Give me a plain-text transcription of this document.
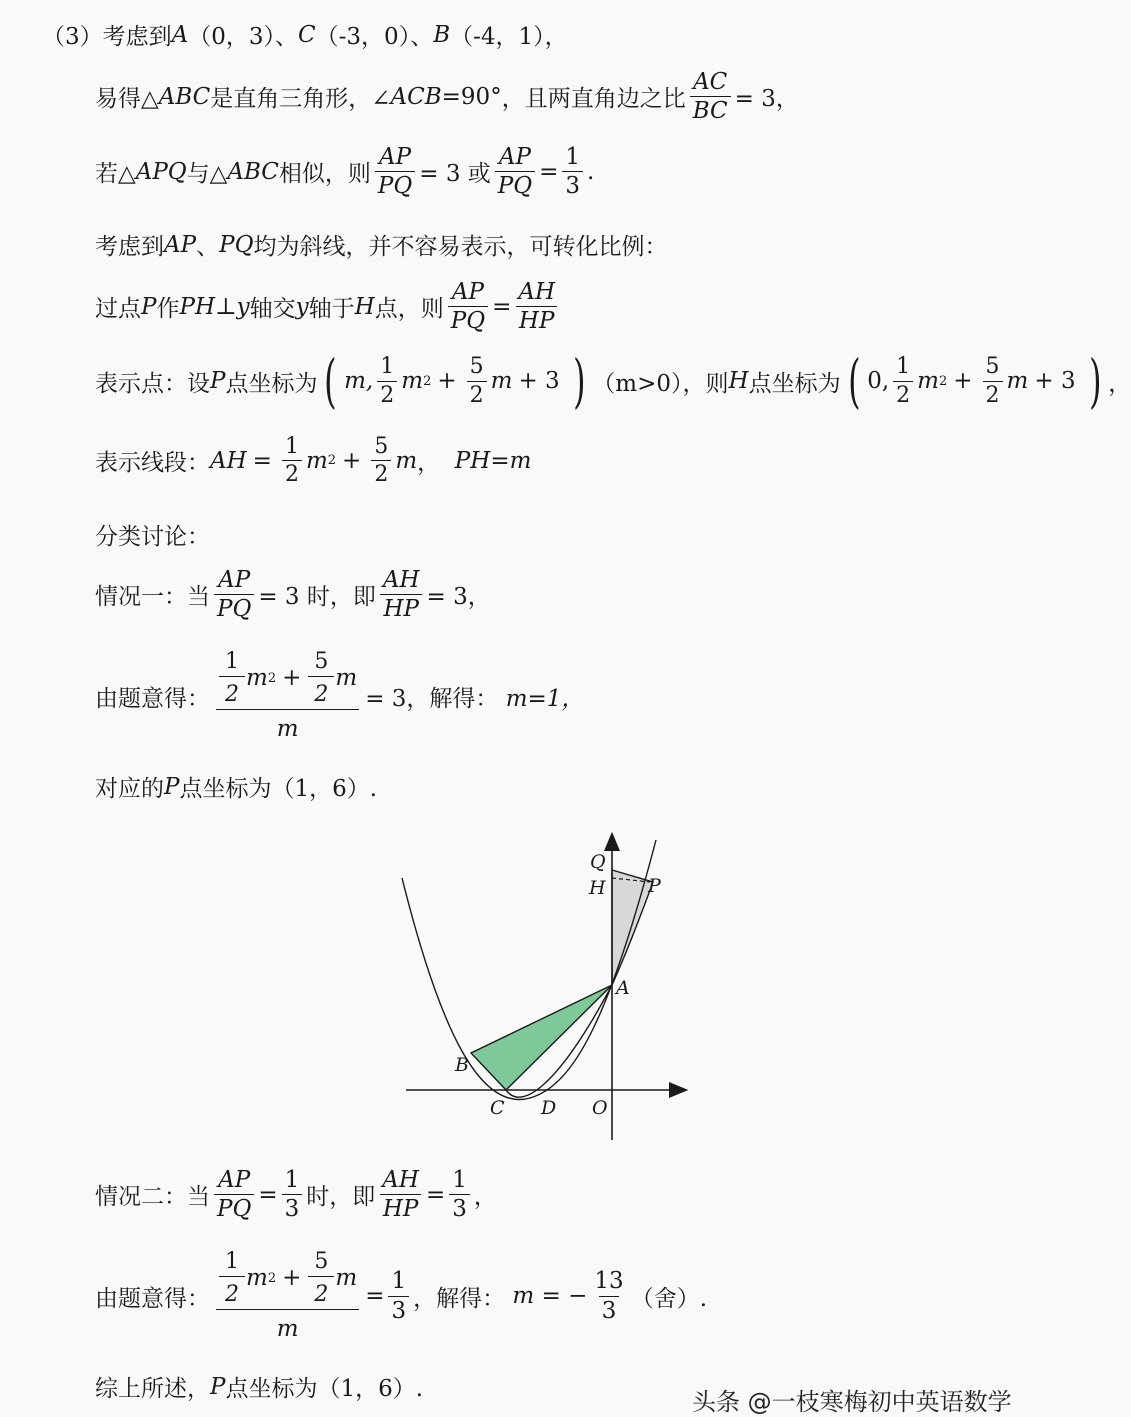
（3）考虑到 A （0，3）、 C （-3，0）、 B （-4，1），
易得△ ABC 是直角三角形，∠ ACB =90° ，且两直角边之比 $\frac{AC}{BC} = 3$，
若△ APQ 与△ ABC 相似，则 $\frac{AP}{PQ} = 3$ 或 $\frac{AP}{PQ} = \frac{1}{3}$ .
考虑到 AP 、 PQ 均为斜线，并不容易表示，可转化比例：
过点 P 作 PH ⊥ y 轴交 y 轴于 H 点，则 $\frac{AP}{PQ} = \frac{AH}{HP}$
表示点：设 P 点坐标为 ( m, $\frac{1}{2}$ m $2 + \frac{5}{2}$ m + 3 ) （m>0），则 H 点坐标为 ( 0, $\frac{1}{2}$ m $2 + \frac{5}{2}$ m + 3 ) ，
表示线段： AH = $\frac{1}{2}$ m $2 + \frac{5}{2}$ m ，
PH =m
分类讨论：
情况一：当 $\frac{AP}{PQ} = 3$ 时，即 $\frac{AH}{HP} = 3$，
由题意得： $\frac{\frac{1}{2} m 2 + \frac{5}{2} m}{m} = 3$，解得：
m=1，
对应的 P 点坐标为（1，6）.
Q
H P
A
B
C D O
情况二：当 $\frac{AP}{PQ} = \frac{1}{3}$ 时，即 $\frac{AH}{HP} = \frac{1}{3}$ ，
由题意得： $\frac{\frac{1}{2} m 2 + \frac{5}{2} m}{m} = \frac{1}{3}$ ，解得：
m
= − $\frac{13}{3}$ （舍）.
综上所述， P 点坐标为（1，6）.	头条 @一枝寒梅初中英语数学
